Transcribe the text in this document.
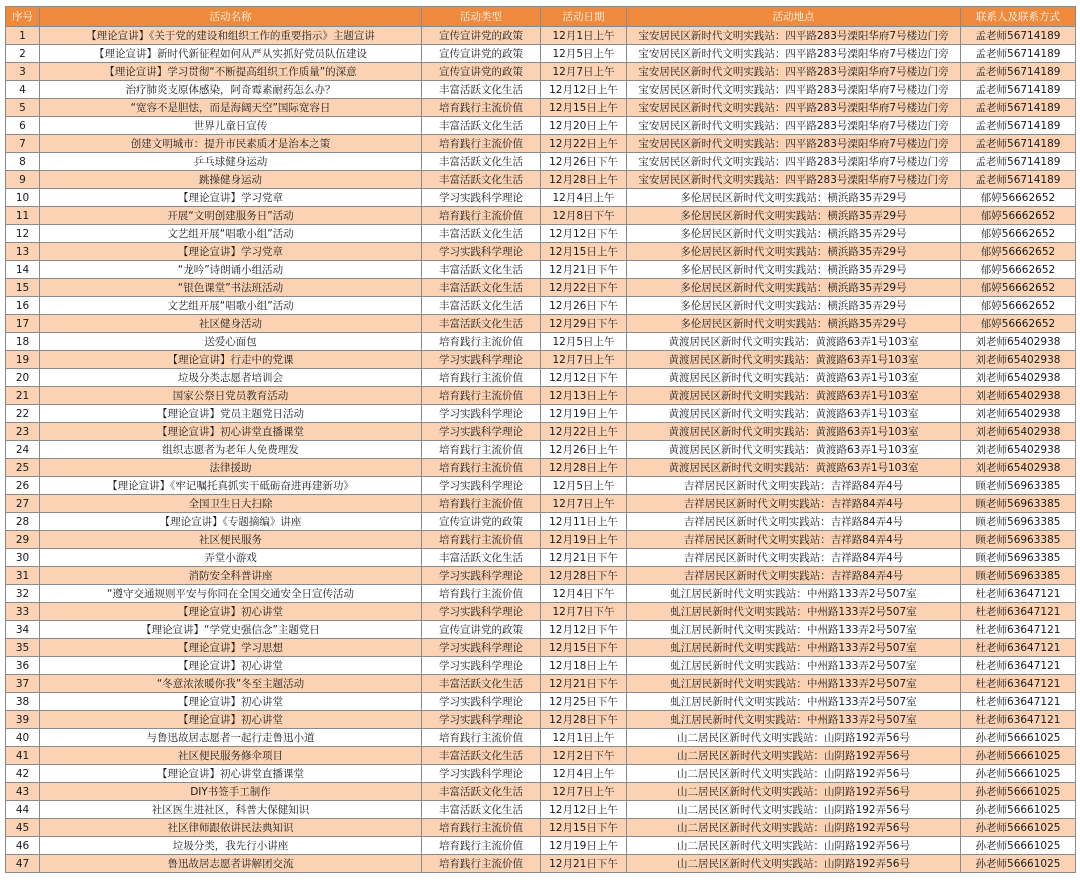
序号	活动名称	活动类型	活动日期	活动地点	联系人及联系方式
1	【理论宣讲】《关于党的建设和组织工作的重要指示》主题宣讲	宣传宣讲党的政策	12月1日上午	宝安居民区新时代文明实践站：四平路283号溧阳华府7号楼边门旁	孟老师56714189
2	【理论宣讲】新时代新征程如何从严从实抓好党员队伍建设	宣传宣讲党的政策	12月5日上午	宝安居民区新时代文明实践站：四平路283号溧阳华府7号楼边门旁	孟老师56714189
3	【理论宣讲】学习贯彻“不断提高组织工作质量”的深意	宣传宣讲党的政策	12月7日上午	宝安居民区新时代文明实践站：四平路283号溧阳华府7号楼边门旁	孟老师56714189
4	治疗肺炎支原体感染，阿奇霉素耐药怎么办？	丰富活跃文化生活	12月12日上午	宝安居民区新时代文明实践站：四平路283号溧阳华府7号楼边门旁	孟老师56714189
5	“宽容不是胆怯，而是海阔天空”国际宽容日	培育践行主流价值	12月15日上午	宝安居民区新时代文明实践站：四平路283号溧阳华府7号楼边门旁	孟老师56714189
6	世界儿童日宣传	丰富活跃文化生活	12月20日上午	宝安居民区新时代文明实践站：四平路283号溧阳华府7号楼边门旁	孟老师56714189
7	创建文明城市：提升市民素质才是治本之策	培育践行主流价值	12月22日上午	宝安居民区新时代文明实践站：四平路283号溧阳华府7号楼边门旁	孟老师56714189
8	乒乓球健身运动	丰富活跃文化生活	12月26日下午	宝安居民区新时代文明实践站：四平路283号溧阳华府7号楼边门旁	孟老师56714189
9	跳操健身运动	丰富活跃文化生活	12月28日上午	宝安居民区新时代文明实践站：四平路283号溧阳华府7号楼边门旁	孟老师56714189
10	【理论宣讲】学习党章	学习实践科学理论	12月4日上午	多伦居民区新时代文明实践站：横浜路35弄29号	郁婷56662652
11	开展“文明创建服务日”活动	培育践行主流价值	12月8日下午	多伦居民区新时代文明实践站：横浜路35弄29号	郁婷56662652
12	文艺组开展“唱歌小组”活动	丰富活跃文化生活	12月12日下午	多伦居民区新时代文明实践站：横浜路35弄29号	郁婷56662652
13	【理论宣讲】学习党章	学习实践科学理论	12月15日上午	多伦居民区新时代文明实践站：横浜路35弄29号	郁婷56662652
14	“龙吟”诗朗诵小组活动	丰富活跃文化生活	12月21日下午	多伦居民区新时代文明实践站：横浜路35弄29号	郁婷56662652
15	“银色课堂”书法班活动	丰富活跃文化生活	12月22日下午	多伦居民区新时代文明实践站：横浜路35弄29号	郁婷56662652
16	文艺组开展“唱歌小组”活动	丰富活跃文化生活	12月26日下午	多伦居民区新时代文明实践站：横浜路35弄29号	郁婷56662652
17	社区健身活动	丰富活跃文化生活	12月29日下午	多伦居民区新时代文明实践站：横浜路35弄29号	郁婷56662652
18	送爱心面包	培育践行主流价值	12月5日上午	黄渡居民区新时代文明实践站：黄渡路63弄1号103室	刘老师65402938
19	【理论宣讲】行走中的党课	学习实践科学理论	12月7日上午	黄渡居民区新时代文明实践站：黄渡路63弄1号103室	刘老师65402938
20	垃圾分类志愿者培训会	培育践行主流价值	12月12日下午	黄渡居民区新时代文明实践站：黄渡路63弄1号103室	刘老师65402938
21	国家公祭日党员教育活动	培育践行主流价值	12月13日上午	黄渡居民区新时代文明实践站：黄渡路63弄1号103室	刘老师65402938
22	【理论宣讲】党员主题党日活动	学习实践科学理论	12月19日上午	黄渡居民区新时代文明实践站：黄渡路63弄1号103室	刘老师65402938
23	【理论宣讲】初心讲堂直播课堂	学习实践科学理论	12月22日上午	黄渡居民区新时代文明实践站：黄渡路63弄1号103室	刘老师65402938
24	组织志愿者为老年人免费理发	培育践行主流价值	12月26日上午	黄渡居民区新时代文明实践站：黄渡路63弄1号103室	刘老师65402938
25	法律援助	培育践行主流价值	12月28日上午	黄渡居民区新时代文明实践站：黄渡路63弄1号103室	刘老师65402938
26	【理论宣讲】《牢记嘱托真抓实干砥砺奋进再建新功》	学习实践科学理论	12月5日上午	吉祥居民区新时代文明实践站：吉祥路84弄4号	顾老师56963385
27	全国卫生日大扫除	培育践行主流价值	12月7日上午	吉祥居民区新时代文明实践站：吉祥路84弄4号	顾老师56963385
28	【理论宣讲】《专题摘编》讲座	宣传宣讲党的政策	12月11日上午	吉祥居民区新时代文明实践站：吉祥路84弄4号	顾老师56963385
29	社区便民服务	培育践行主流价值	12月19日上午	吉祥居民区新时代文明实践站：吉祥路84弄4号	顾老师56963385
30	弄堂小游戏	丰富活跃文化生活	12月21日下午	吉祥居民区新时代文明实践站：吉祥路84弄4号	顾老师56963385
31	消防安全科普讲座	学习实践科学理论	12月28日下午	吉祥居民区新时代文明实践站：吉祥路84弄4号	顾老师56963385
32	“遵守交通规则平安与你同在全国交通安全日宣传活动	培育践行主流价值	12月4日下午	虬江居民新时代文明实践站：中州路133弄2号507室	杜老师63647121
33	【理论宣讲】初心讲堂	学习实践科学理论	12月7日下午	虬江居民新时代文明实践站：中州路133弄2号507室	杜老师63647121
34	【理论宣讲】“学党史强信念”主题党日	宣传宣讲党的政策	12月12日下午	虬江居民新时代文明实践站：中州路133弄2号507室	杜老师63647121
35	【理论宣讲】学习思想	学习实践科学理论	12月15日下午	虬江居民新时代文明实践站：中州路133弄2号507室	杜老师63647121
36	【理论宣讲】初心讲堂	学习实践科学理论	12月18日上午	虬江居民新时代文明实践站：中州路133弄2号507室	杜老师63647121
37	“冬意浓浓暖你我”冬至主题活动	丰富活跃文化生活	12月21日下午	虬江居民新时代文明实践站：中州路133弄2号507室	杜老师63647121
38	【理论宣讲】初心讲堂	学习实践科学理论	12月25日下午	虬江居民新时代文明实践站：中州路133弄2号507室	杜老师63647121
39	【理论宣讲】初心讲堂	学习实践科学理论	12月28日下午	虬江居民新时代文明实践站：中州路133弄2号507室	杜老师63647121
40	与鲁迅故居志愿者一起行走鲁迅小道	培育践行主流价值	12月1日上午	山二居民区新时代文明实践站：山阴路192弄56号	孙老师56661025
41	社区便民服务修伞项目	丰富活跃文化生活	12月2日下午	山二居民区新时代文明实践站：山阴路192弄56号	孙老师56661025
42	【理论宣讲】初心讲堂直播课堂	学习实践科学理论	12月4日上午	山二居民区新时代文明实践站：山阴路192弄56号	孙老师56661025
43	DIY书签手工制作	丰富活跃文化生活	12月7日上午	山二居民区新时代文明实践站：山阴路192弄56号	孙老师56661025
44	社区医生进社区，科普大保健知识	丰富活跃文化生活	12月12日上午	山二居民区新时代文明实践站：山阴路192弄56号	孙老师56661025
45	社区律师跟依讲民法典知识	培育践行主流价值	12月15日下午	山二居民区新时代文明实践站：山阴路192弄56号	孙老师56661025
46	垃圾分类，我先行小讲座	培育践行主流价值	12月19日上午	山二居民区新时代文明实践站：山阴路192弄56号	孙老师56661025
47	鲁迅故居志愿者讲解团交流	培育践行主流价值	12月21日下午	山二居民区新时代文明实践站：山阴路192弄56号	孙老师56661025
